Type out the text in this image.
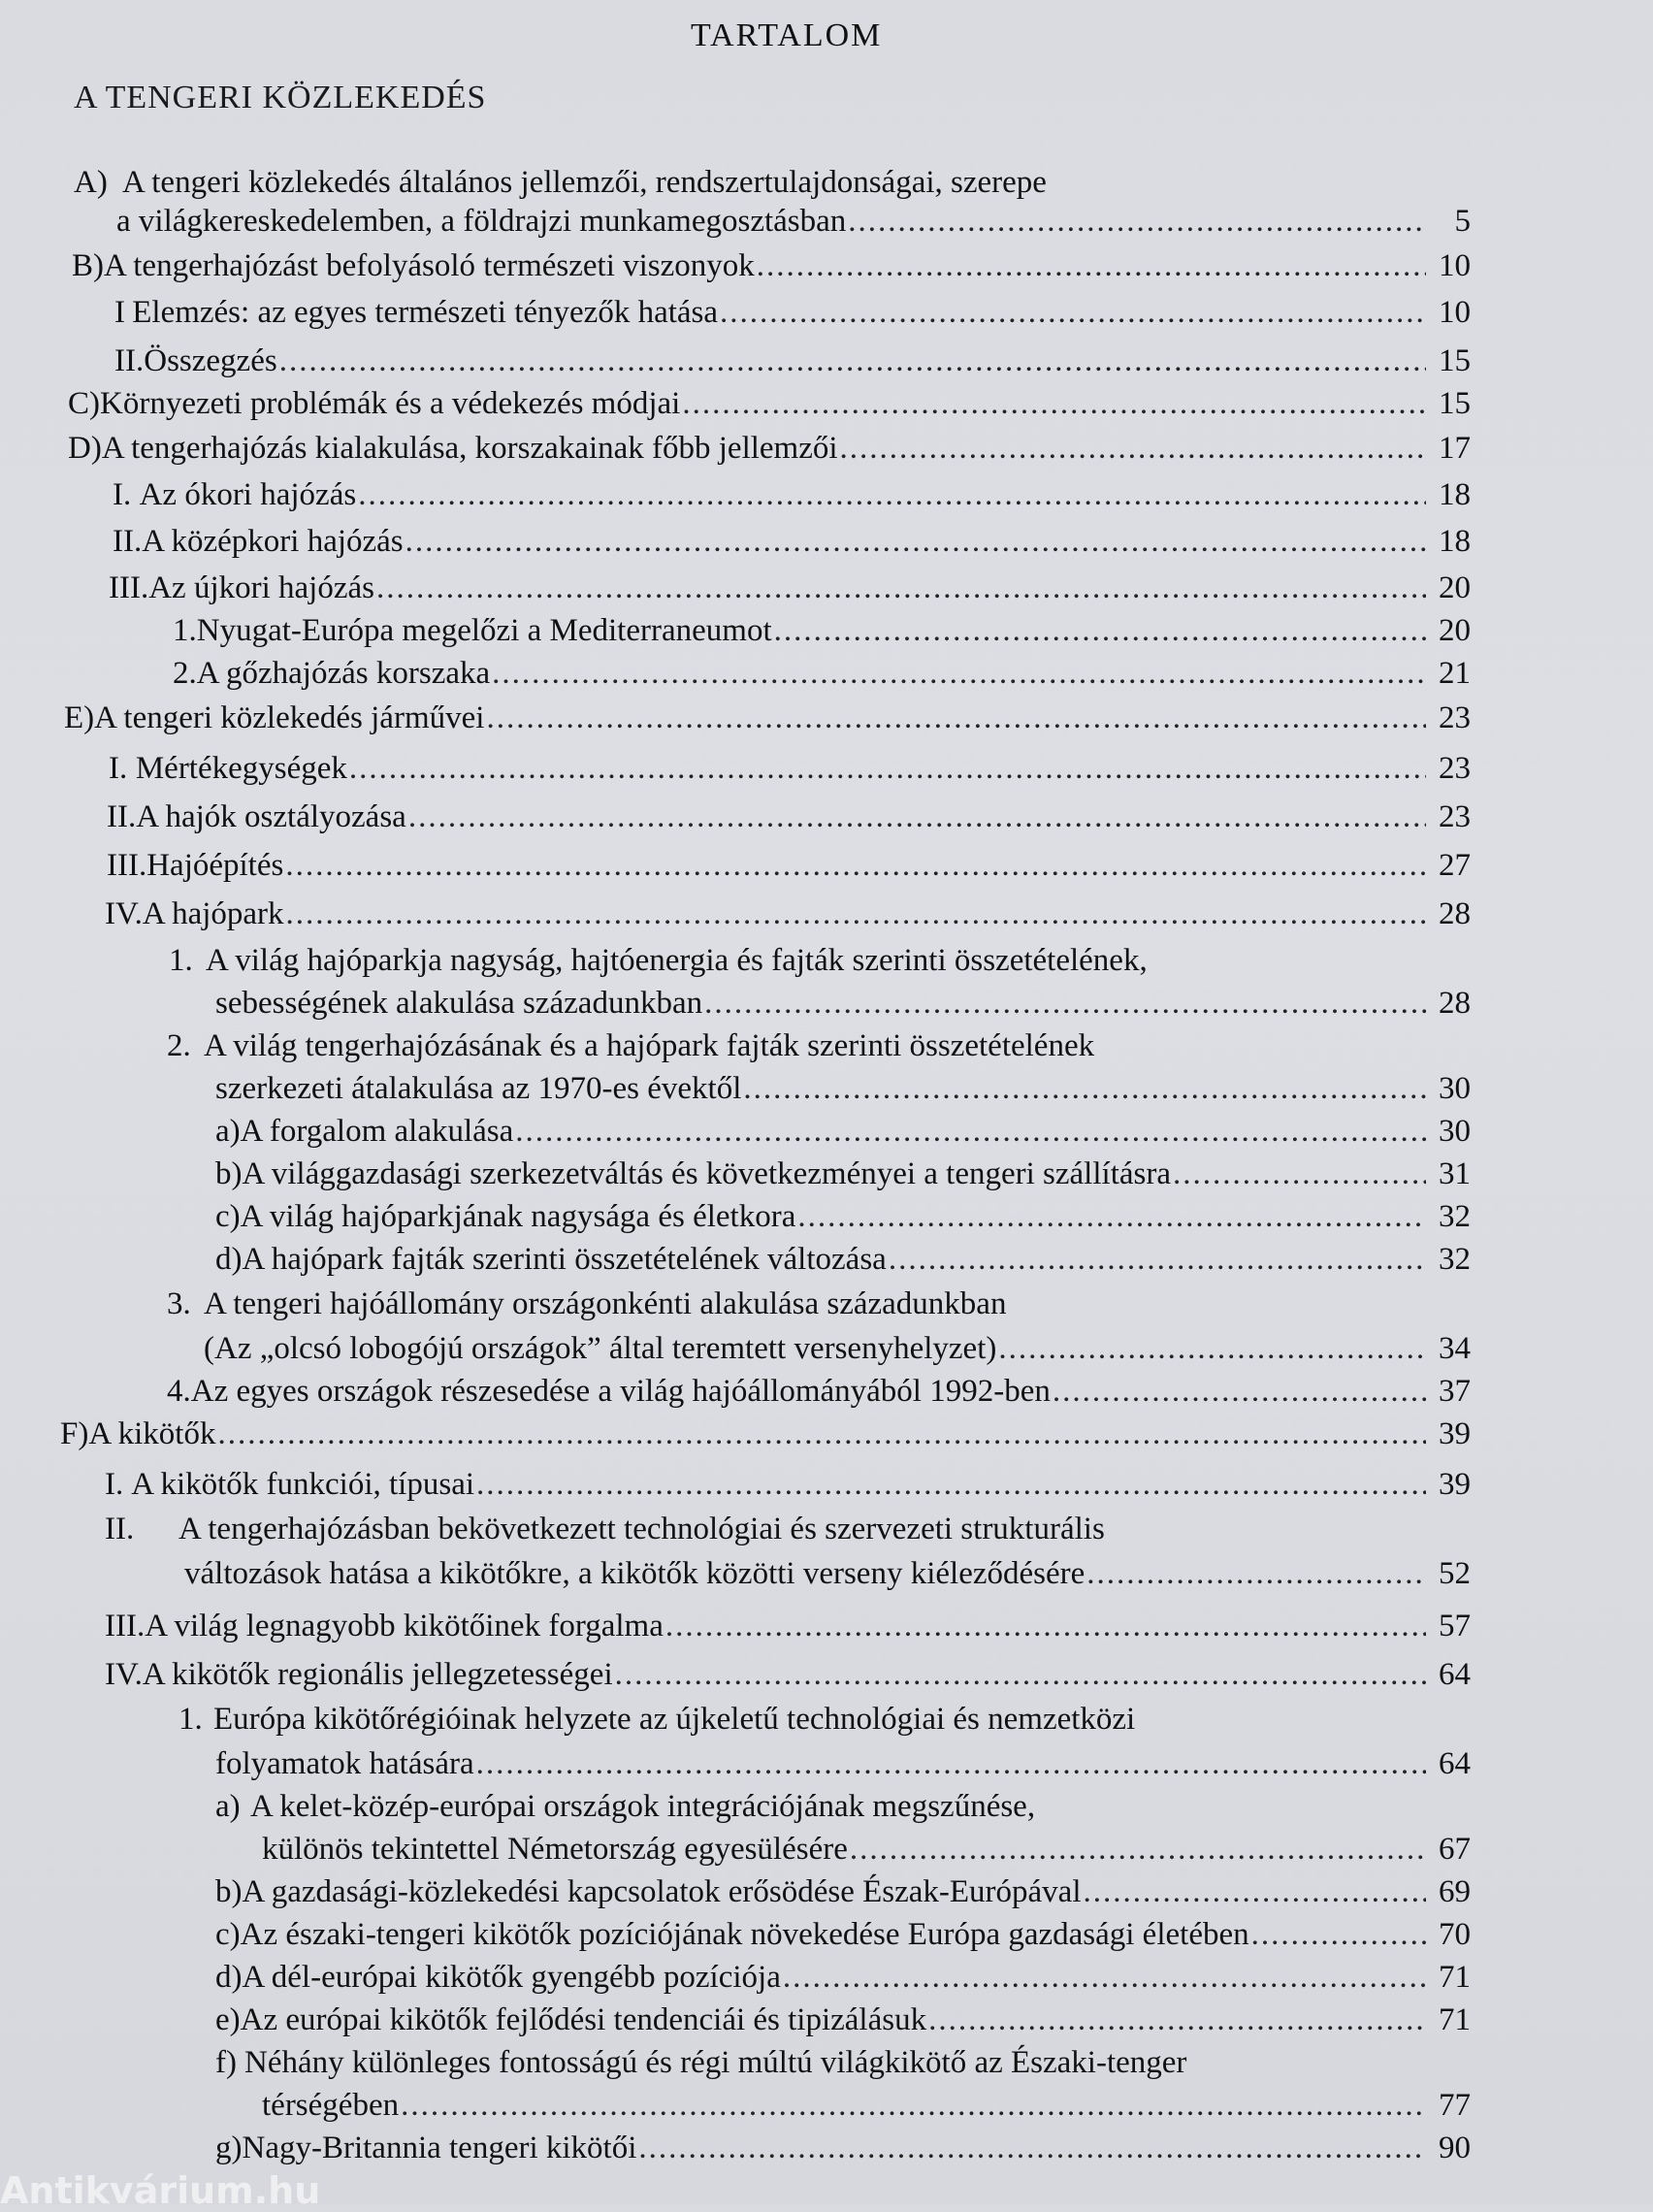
TARTALOM
A TENGERI KÖZLEKEDÉS
A) A tengeri közlekedés általános jellemzői, rendszertulajdonságai, szerepe
a világkereskedelemben, a földrajzi munkamegosztásban .....	5
B) A tengerhajózást befolyásoló természeti viszonyok .....	10
I Elemzés: az egyes természeti tényezők hatása .....	10
II. Összegzés .....	15
C) Környezeti problémák és a védekezés módjai .....	15
D) A tengerhajózás kialakulása, korszakainak főbb jellemzői .....	17
I. Az ókori hajózás .....	18
II. A középkori hajózás .....	18
III. Az újkori hajózás .....	20
1. Nyugat-Európa megelőzi a Mediterraneumot .....	20
2. A gőzhajózás korszaka .....	21
E) A tengeri közlekedés járművei .....	23
I. Mértékegységek .....	23
II. A hajók osztályozása .....	23
III. Hajóépítés .....	27
IV. A hajópark .....	28
1. A világ hajóparkja nagyság, hajtóenergia és fajták szerinti összetételének,
sebességének alakulása századunkban .....	28
2. A világ tengerhajózásának és a hajópark fajták szerinti összetételének
szerkezeti átalakulása az 1970-es évektől .....	30
a) A forgalom alakulása .....	30
b) A világgazdasági szerkezetváltás és következményei a tengeri szállításra .....	31
c) A világ hajóparkjának nagysága és életkora .....	32
d) A hajópark fajták szerinti összetételének változása .....	32
3. A tengeri hajóállomány országonkénti alakulása századunkban
(Az „olcsó lobogójú országok” által teremtett versenyhelyzet) .....	34
4. Az egyes országok részesedése a világ hajóállományából 1992-ben .....	37
F) A kikötők .....	39
I. A kikötők funkciói, típusai .....	39
II.	A tengerhajózásban bekövetkezett technológiai és szervezeti strukturális
változások hatása a kikötőkre, a kikötők közötti verseny kiéleződésére .....	52
III. A világ legnagyobb kikötőinek forgalma .....	57
IV. A kikötők regionális jellegzetességei .....	64
1. Európa kikötőrégióinak helyzete az újkeletű technológiai és nemzetközi
folyamatok hatására .....	64
a) A kelet-közép-európai országok integrációjának megszűnése,
különös tekintettel Németország egyesülésére .....	67
b) A gazdasági-közlekedési kapcsolatok erősödése Észak-Európával .....	69
c) Az északi-tengeri kikötők pozíciójának növekedése Európa gazdasági életében .....	70
d) A dél-európai kikötők gyengébb pozíciója .....	71
e) Az európai kikötők fejlődési tendenciái és tipizálásuk .....	71
f) Néhány különleges fontosságú és régi múltú világkikötő az Északi-tenger
térségében .....	77
g) Nagy-Britannia tengeri kikötői .....	90
Antikvárium.hu
